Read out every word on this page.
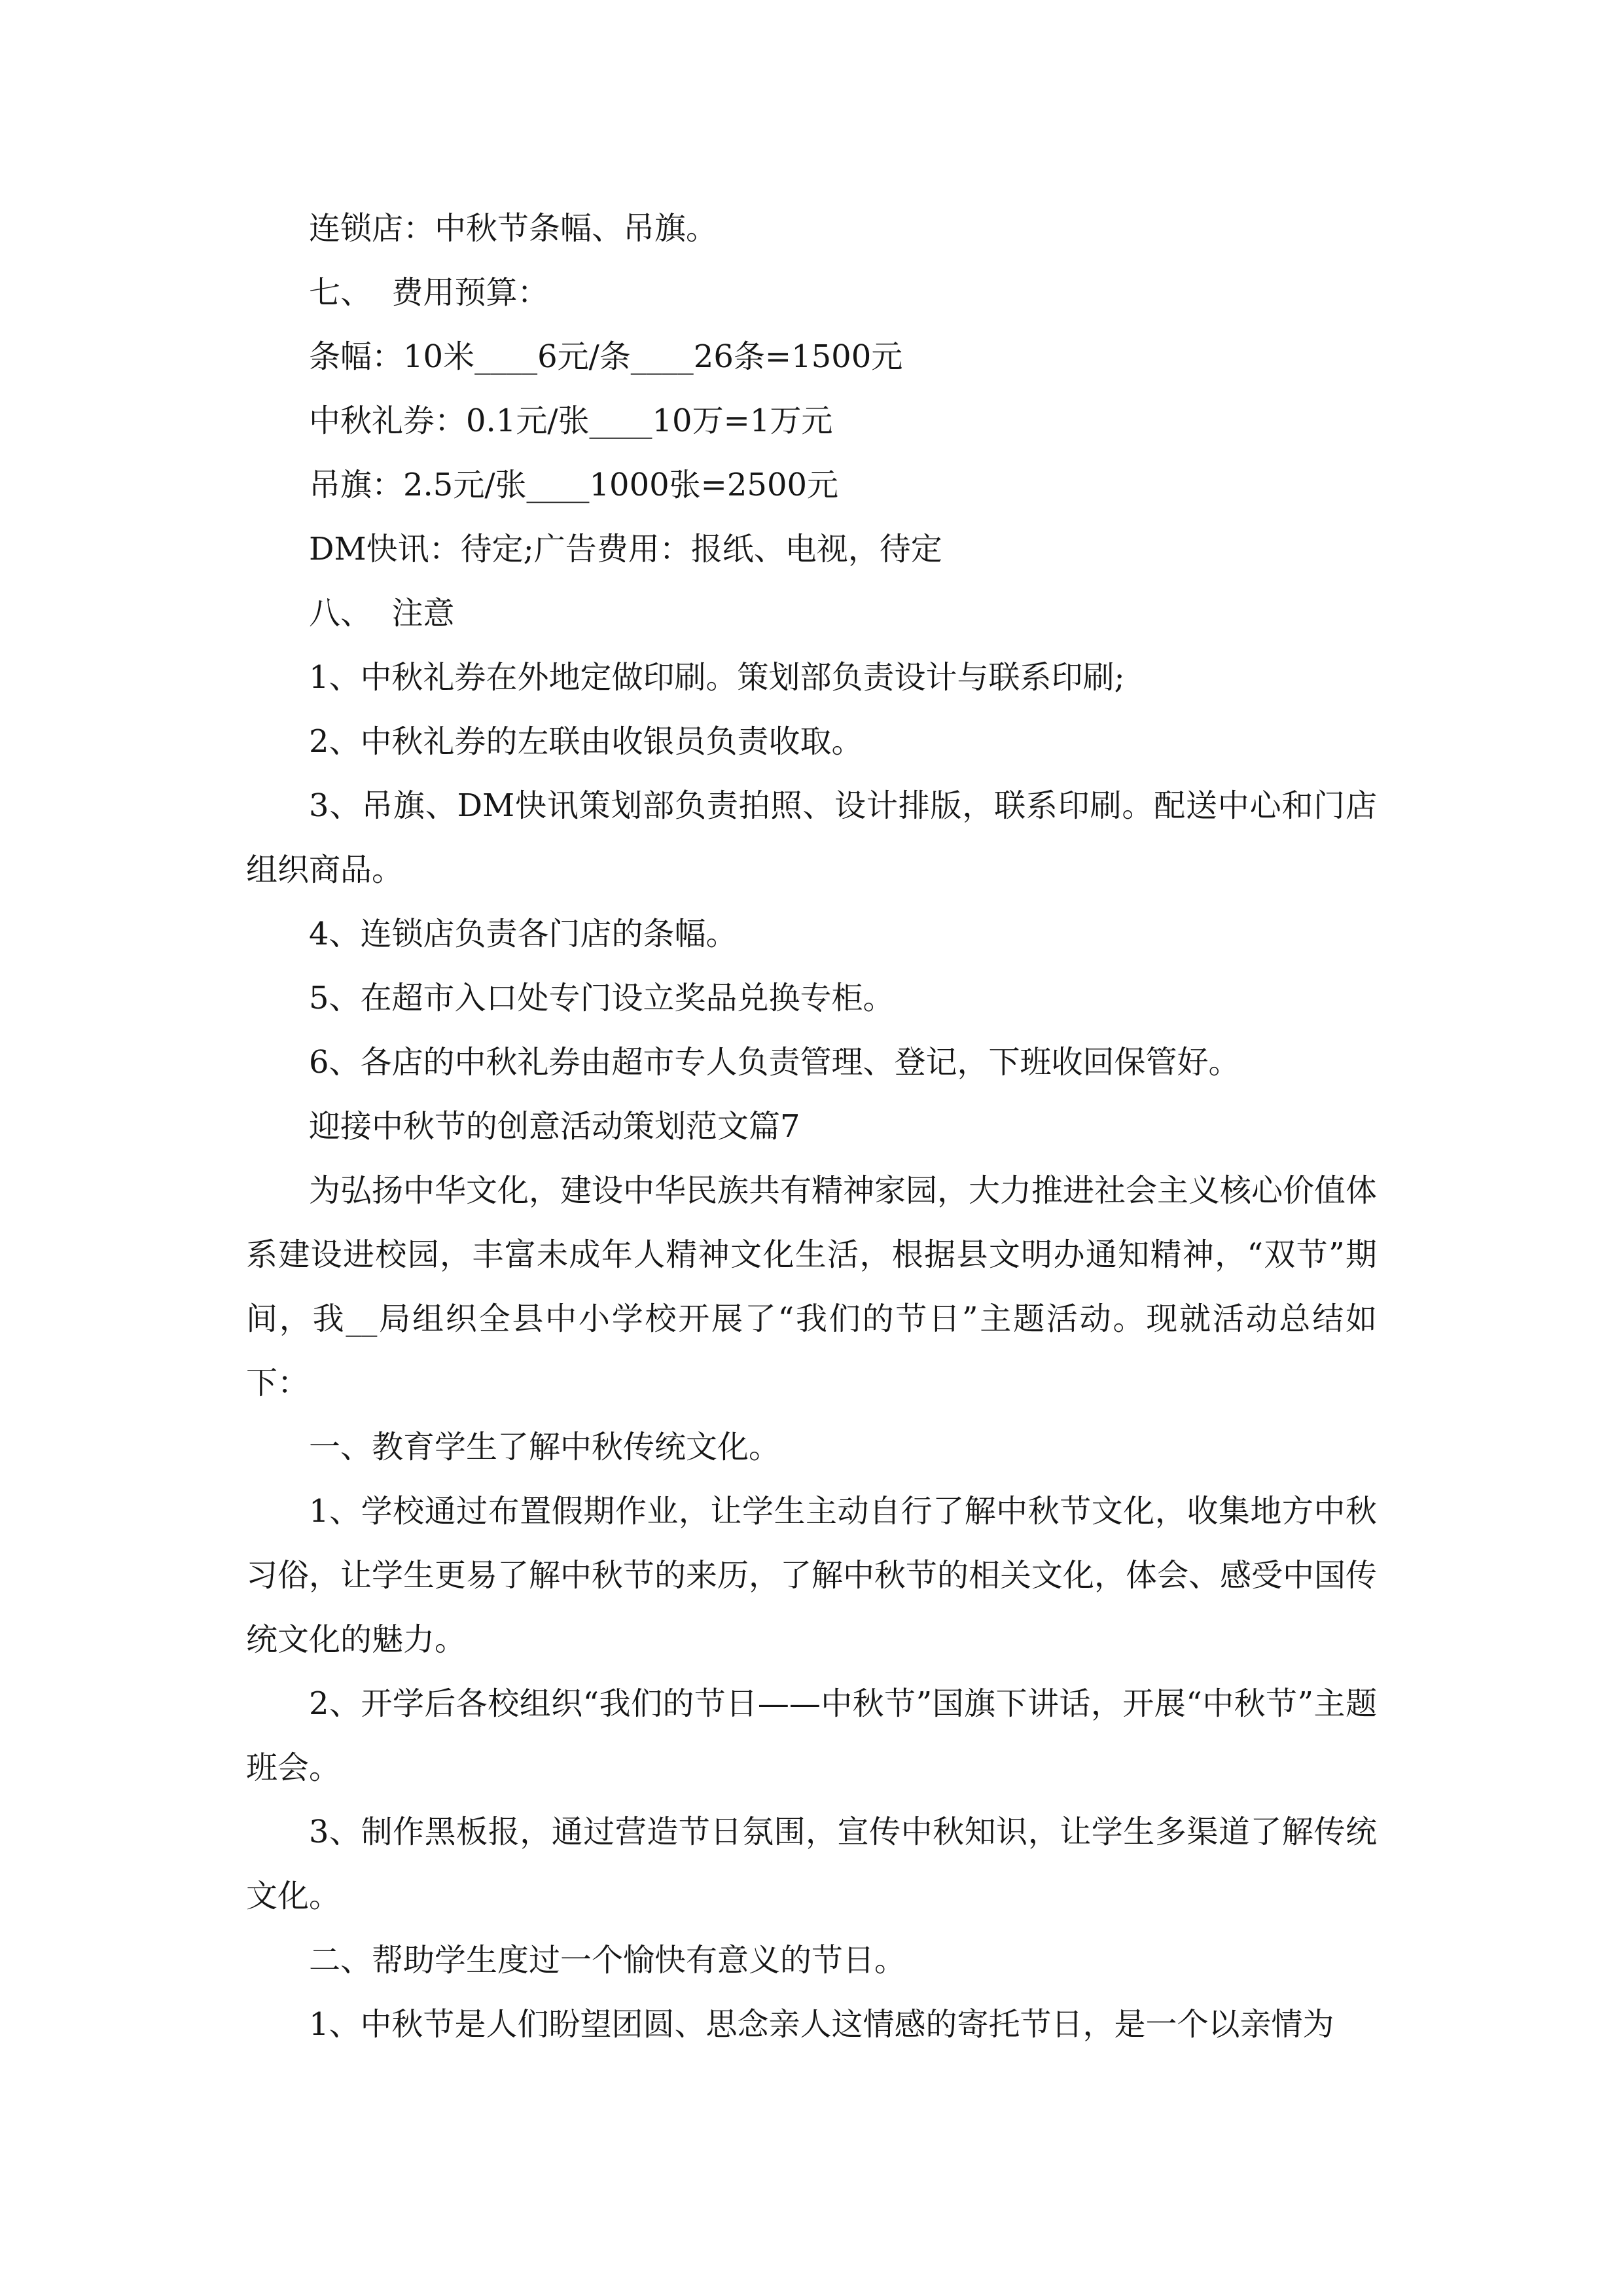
连锁店：中秋节条幅、吊旗。

七、  费用预算：

条幅：10米____6元/条____26条=1500元

中秋礼券：0.1元/张____10万=1万元

吊旗：2.5元/张____1000张=2500元

DM快讯：待定;广告费用：报纸、电视，待定

八、  注意

1、中秋礼券在外地定做印刷。策划部负责设计与联系印刷;

2、中秋礼券的左联由收银员负责收取。

3、吊旗、DM快讯策划部负责拍照、设计排版，联系印刷。配送中心和门店组织商品。

4、连锁店负责各门店的条幅。

5、在超市入口处专门设立奖品兑换专柜。

6、各店的中秋礼券由超市专人负责管理、登记，下班收回保管好。

迎接中秋节的创意活动策划范文篇7

为弘扬中华文化，建设中华民族共有精神家园，大力推进社会主义核心价值体系建设进校园，丰富未成年人精神文化生活，根据县文明办通知精神，“双节”期间，我__局组织全县中小学校开展了“我们的节日”主题活动。现就活动总结如下：

一、教育学生了解中秋传统文化。

1、学校通过布置假期作业，让学生主动自行了解中秋节文化，收集地方中秋习俗，让学生更易了解中秋节的来历，了解中秋节的相关文化，体会、感受中国传统文化的魅力。

2、开学后各校组织“我们的节日——中秋节”国旗下讲话，开展“中秋节”主题班会。

3、制作黑板报，通过营造节日氛围，宣传中秋知识，让学生多渠道了解传统文化。

二、帮助学生度过一个愉快有意义的节日。

1、中秋节是人们盼望团圆、思念亲人这情感的寄托节日，是一个以亲情为
